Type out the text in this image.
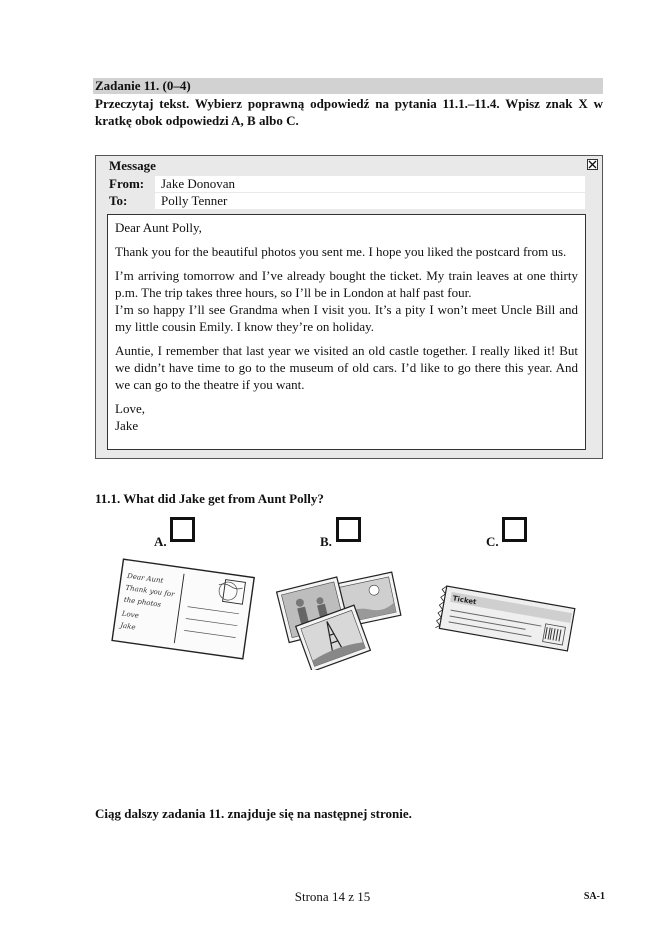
Zadanie 11. (0–4)
Przeczytaj tekst. Wybierz poprawną odpowiedź na pytania 11.1.–11.4. Wpisz znak X w kratkę obok odpowiedzi A, B albo C.
Message
From:	Jake Donovan
To:	Polly Tenner

Dear Aunt Polly,

Thank you for the beautiful photos you sent me. I hope you liked the postcard from us.

I’m arriving tomorrow and I’ve already bought the ticket. My train leaves at one thirty p.m. The trip takes three hours, so I’ll be in London at half past four.

I’m so happy I’ll see Grandma when I visit you. It’s a pity I won’t meet Uncle Bill and my little cousin Emily. I know they’re on holiday.

Auntie, I remember that last year we visited an old castle together. I really liked it! But we didn’t have time to go to the museum of old cars. I’d like to go there this year. And we can go to the theatre if you want.

Love,

Jake

11.1. What did Jake get from Aunt Polly?
A.	B.	C.
Dear Aunt
Thank you for
the photos
Love
Jake
Ticket
Ciąg dalszy zadania 11. znajduje się na następnej stronie.
Strona 14 z 15	SA-1
